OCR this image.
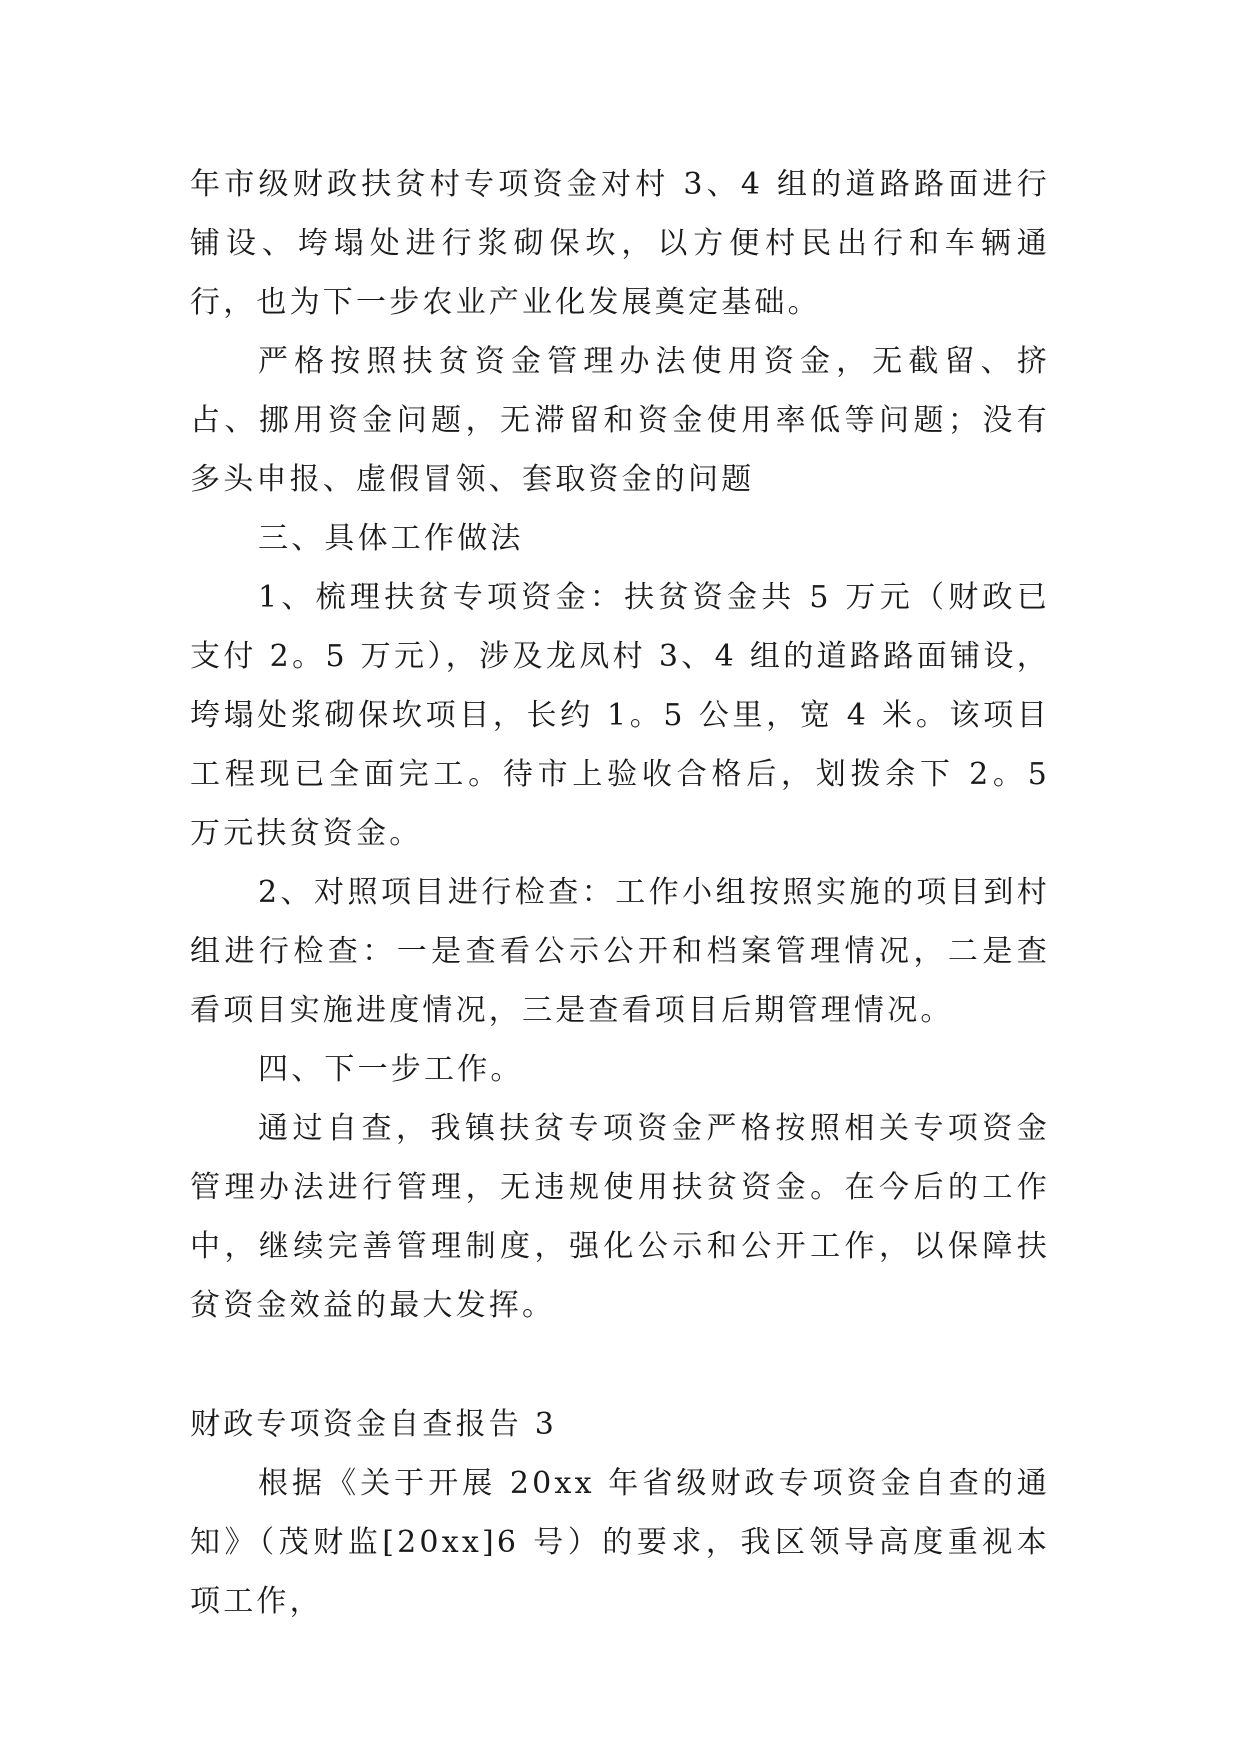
年市级财政扶贫村专项资金对村 3、4 组的道路路面进行铺设、垮塌处进行浆砌保坎，以方便村民出行和车辆通行，也为下一步农业产业化发展奠定基础。

严格按照扶贫资金管理办法使用资金，无截留、挤占、挪用资金问题，无滞留和资金使用率低等问题；没有多头申报、虚假冒领、套取资金的问题

三、具体工作做法

1、梳理扶贫专项资金：扶贫资金共 5 万元（财政已支付 2。5 万元），涉及龙凤村 3、4 组的道路路面铺设，垮塌处浆砌保坎项目，长约 1。5 公里，宽 4 米。该项目工程现已全面完工。待市上验收合格后，划拨余下 2。5 万元扶贫资金。

2、对照项目进行检查：工作小组按照实施的项目到村组进行检查：一是查看公示公开和档案管理情况，二是查看项目实施进度情况，三是查看项目后期管理情况。

四、下一步工作。

通过自查，我镇扶贫专项资金严格按照相关专项资金管理办法进行管理，无违规使用扶贫资金。在今后的工作中，继续完善管理制度，强化公示和公开工作，以保障扶贫资金效益的最大发挥。

财政专项资金自查报告 3

根据《关于开展 20xx 年省级财政专项资金自查的通知》（茂财监[20xx]6 号）的要求，我区领导高度重视本项工作，
